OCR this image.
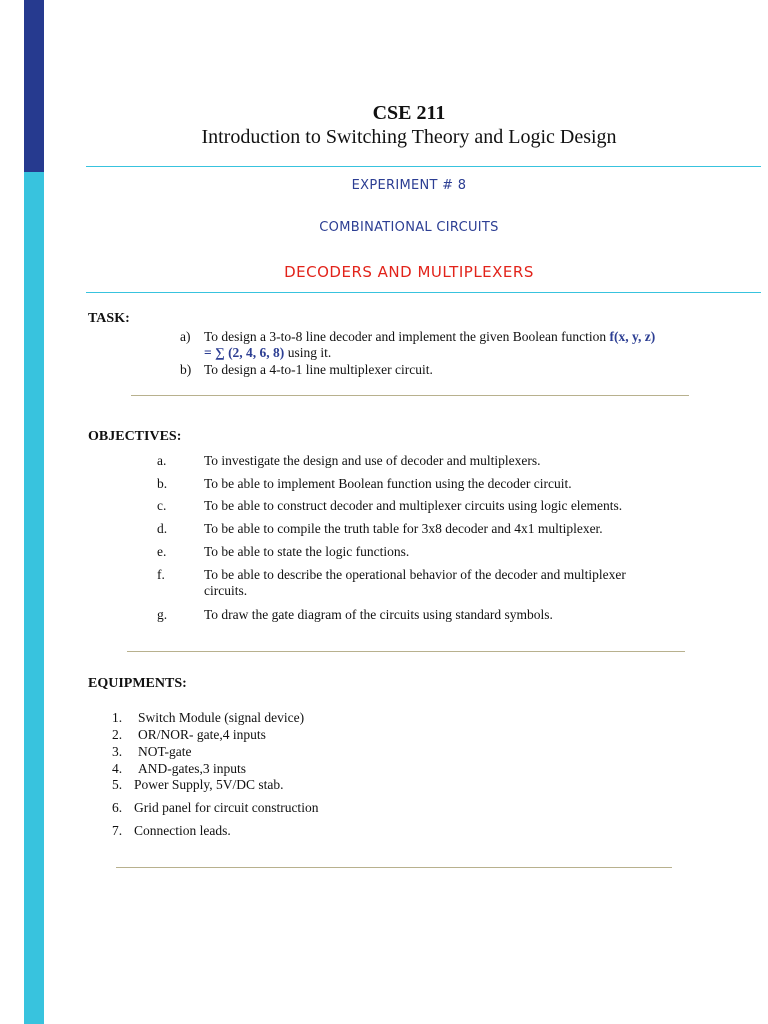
CSE 211
Introduction to Switching Theory and Logic Design
EXPERIMENT # 8
COMBINATIONAL CIRCUITS
DECODERS AND MULTIPLEXERS
TASK:
a) To design a 3-to-8 line decoder and implement the given Boolean function f(x, y, z)
= ∑ (2, 4, 6, 8) using it.
b) To design a 4-to-1 line multiplexer circuit.
OBJECTIVES:
a.	To investigate the design and use of decoder and multiplexers.
b.	To be able to implement Boolean function using the decoder circuit.
c.	To be able to construct decoder and multiplexer circuits using logic elements.
d.	To be able to compile the truth table for 3x8 decoder and 4x1 multiplexer.
e.	To be able to state the logic functions.
f.	To be able to describe the operational behavior of the decoder and multiplexer
circuits.
g.	To draw the gate diagram of the circuits using standard symbols.
EQUIPMENTS:
1. Switch Module (signal device)
2. OR/NOR- gate,4 inputs
3. NOT-gate
4. AND-gates,3 inputs
5. Power Supply, 5V/DC stab.
6. Grid panel for circuit construction
7. Connection leads.
